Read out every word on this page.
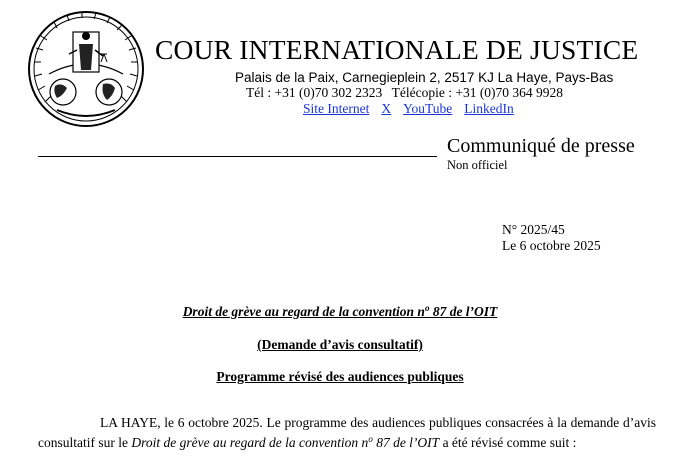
COUR INTERNATIONALE DE JUSTICE
Palais de la Paix, Carnegieplein 2, 2517 KJ La Haye, Pays-Bas
Tél : +31 (0)70 302 2323 Télécopie : +31 (0)70 364 9928
Site Internet X YouTube LinkedIn
Communiqué de presse
Non officiel
N° 2025/45
Le 6 octobre 2025
Droit de grève au regard de la convention $n^o$ 87 de l’OIT
(Demande d’avis consultatif)
Programme révisé des audiences publiques
LA HAYE, le 6 octobre 2025. Le programme des audiences publiques consacrées à la demande d’avis consultatif sur le Droit de grève au regard de la convention $n^o$ 87 de l’OIT a été révisé comme suit :
